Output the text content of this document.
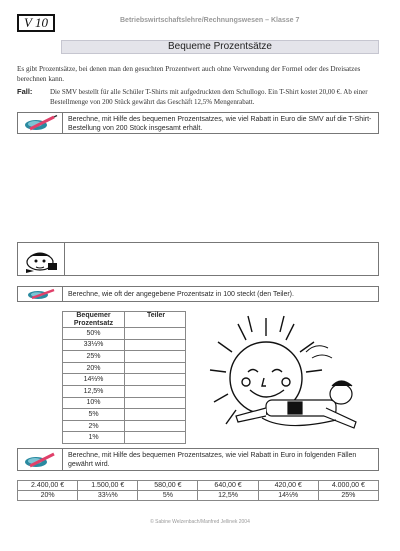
V 10	Betriebswirtschaftslehre/Rechnungswesen – Klasse 7
Bequeme Prozentsätze
Es gibt Prozentsätze, bei denen man den gesuchten Prozentwert auch ohne Verwendung der Formel oder des Dreisatzes berechnen kann.
Fall:	Die SMV bestellt für alle Schüler T-Shirts mit aufgedruckten dem Schullogo. Ein T-Shirt kostet 20,00 €. Ab einer Bestellmenge von 200 Stück gewährt das Geschäft 12,5% Mengenrabatt.
Berechne, mit Hilfe des bequemen Prozentsatzes, wie viel Rabatt in Euro die SMV auf die T-Shirt- Bestellung von 200 Stück insgesamt erhält.
Berechne, wie oft der angegebene Prozentsatz in 100 steckt (den Teiler).
Bequemer Prozentsatz	Teiler
50%	
33⅓%	
25%	
20%	
14⅔%	
12,5%	
10%	
5%	
2%	
1%	
Berechne, mit Hilfe des bequemen Prozentsatzes, wie viel Rabatt in Euro in folgenden Fällen gewährt wird.
2.400,00 €	1.500,00 €	580,00 €	640,00 €	420,00 €	4.000,00 €
20%	33⅓%	5%	12,5%	14⅔%	25%
© Sabine Welzenbach/Manfred Jellinek 2004
